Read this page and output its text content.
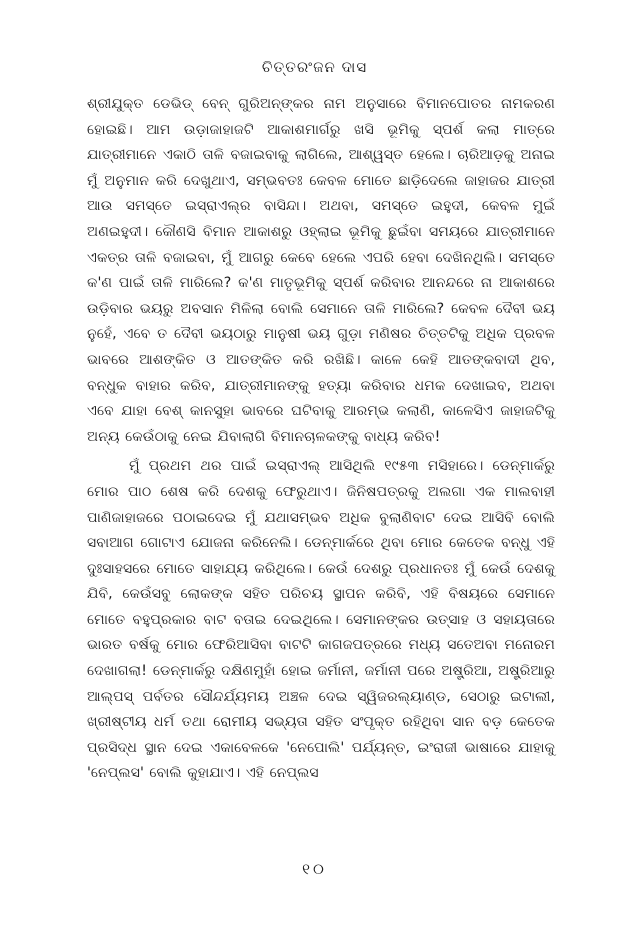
ଚିତ୍ତରଂଜନ ଦାସ

ଶ୍ରୀଯୁକ୍ତ ଡେଭିଡ୍ ବେନ୍ ଗୁରିଅନ୍‌ଙ୍କର ନାମ ଅନୁସାରେ ବିମାନପୋତର ନାମକରଣ ହୋଇଛି। ଆମ ଉଡ଼ାଜାହାଜଟି ଆକାଶମାର୍ଗରୁ ଖସି ଭୂମିକୁ ସ୍ପର୍ଶ କଲା ମାତ୍ରେ ଯାତ୍ରୀମାନେ ଏକାଠି ତାଳି ବଜାଇବାକୁ ଲାଗିଲେ, ଆଶ୍ୱସ୍ତ ହେଲେ। ଚାରିଆଡ଼କୁ ଅନାଇ ମୁଁ ଅନୁମାନ କରି ଦେଖୁଥାଏ, ସମ୍ଭବତଃ କେବଳ ମୋତେ ଛାଡ଼ିଦେଲେ ଜାହାଜର ଯାତ୍ରୀ ଆଉ ସମସ୍ତେ ଇସ୍ରାଏଲ୍‌ର ବାସିନ୍ଦା। ଅଥବା, ସମସ୍ତେ ଇହୁଦୀ, କେବଳ ମୁଇଁ ଅଣଇହୁଦୀ। କୌଣସି ବିମାନ ଆକାଶରୁ ଓହ୍ଲାଇ ଭୂମିକୁ ଛୁଇଁବା ସମୟରେ ଯାତ୍ରୀମାନେ ଏକତ୍ର ତାଳି ବଜାଇବା, ମୁଁ ଆଗରୁ କେବେ ହେଲେ ଏପରି ହେବା ଦେଖିନଥିଲି। ସମସ୍ତେ କ'ଣ ପାଇଁ ତାଳି ମାରିଲେ? କ'ଣ ମାତୃଭୂମିକୁ ସ୍ପର୍ଶ କରିବାର ଆନନ୍ଦରେ ନା ଆକାଶରେ ଉଡ଼ିବାର ଭୟରୁ ଅବସାନ ମିଳିଲା ବୋଲି ସେମାନେ ତାଳି ମାରିଲେ? କେବଳ ଦୈବୀ ଭୟ ନୁହେଁ, ଏବେ ତ ଦୈବୀ ଭୟଠାରୁ ମାନୁଷୀ ଭୟ ଗୁଡ଼ା ମଣିଷର ଚିତ୍ତଟିକୁ ଅଧିକ ପ୍ରବଳ ଭାବରେ ଆଶଙ୍କିତ ଓ ଆତଙ୍କିତ କରି ରଖିଛି। କାଳେ କେହି ଆତଙ୍କବାଦୀ ଥିବ, ବନ୍ଧୁକ ବାହାର କରିବ, ଯାତ୍ରୀମାନଙ୍କୁ ହତ୍ୟା କରିବାର ଧମକ ଦେଖାଇବ, ଅଥବା ଏବେ ଯାହା ବେଶ୍ କାନସୁହା ଭାବରେ ଘଟିବାକୁ ଆରମ୍ଭ କଲାଣି, କାଳେସିଏ ଜାହାଜଟିକୁ ଅନ୍ୟ କେଉଁଠାକୁ ନେଇ ଯିବାଲାଗି ବିମାନଚାଳକଙ୍କୁ ବାଧ୍ୟ କରିବ!

ମୁଁ ପ୍ରଥମ ଥର ପାଇଁ ଇସ୍ରାଏଲ୍ ଆସିଥିଲି ୧୯୫୩ ମସିହାରେ। ଡେନ୍‌ମାର୍କରୁ ମୋର ପାଠ ଶେଷ କରି ଦେଶକୁ ଫେରୁଥାଏ। ଜିନିଷପତ୍ରକୁ ଅଲଗା ଏକ ମାଲବାହୀ ପାଣିଜାହାଜରେ ପଠାଇଦେଇ ମୁଁ ଯଥାସମ୍ଭବ ଅଧିକ ବୁଲାଣିବାଟ ଦେଇ ଆସିବି ବୋଲି ସବାଆଗ ଗୋଟାଏ ଯୋଜନା କରିନେଲି। ଡେନ୍‌ମାର୍କରେ ଥିବା ମୋର କେତେକ ବନ୍ଧୁ ଏହି ଦୁଃସାହସରେ ମୋତେ ସାହାଯ୍ୟ କରିଥିଲେ। କେଉଁ ଦେଶରୁ ପ୍ରଧାନତଃ ମୁଁ କେଉଁ ଦେଶକୁ ଯିବି, କେଉଁସବୁ ଲୋକଙ୍କ ସହିତ ପରିଚୟ ସ୍ଥାପନ କରିବି, ଏହି ବିଷୟରେ ସେମାନେ ମୋତେ ବହୁପ୍ରକାର ବାଟ ବତାଇ ଦେଇଥିଲେ। ସେମାନଙ୍କର ଉତ୍ସାହ ଓ ସହାୟତାରେ ଭାରତ ବର୍ଷକୁ ମୋର ଫେରିଆସିବା ବାଟଟି କାଗଜପତ୍ରରେ ମଧ୍ୟ ସତେଅବା ମନୋରମ ଦେଖାଗଲା! ଡେନ୍‌ମାର୍କରୁ ଦକ୍ଷିଣମୁହାଁ ହୋଇ ଜର୍ମାନୀ, ଜର୍ମାନୀ ପରେ ଅଷ୍ଟ୍ରିଆ, ଅଷ୍ଟ୍ରିଆରୁ ଆଲ୍‌ପସ୍ ପର୍ବତର ସୌନ୍ଦର୍ଯ୍ୟମୟ ଅଞ୍ଚଳ ଦେଇ ସ୍ୱିଜରଲ୍ୟାଣ୍ଡ, ସେଠାରୁ ଇଟାଲୀ, ଖ୍ରୀଷ୍ଟୀୟ ଧର୍ମ ତଥା ରୋମୀୟ ସଭ୍ୟତା ସହିତ ସଂପୃକ୍ତ ରହିଥିବା ସାନ ବଡ଼ କେତେକ ପ୍ରସିଦ୍ଧ ସ୍ଥାନ ଦେଇ ଏକାବେଳକେ 'ନେପୋଲି' ପର୍ଯ୍ୟନ୍ତ, ଇଂରାଜୀ ଭାଷାରେ ଯାହାକୁ 'ନେପ୍‌ଲସ' ବୋଲି କୁହାଯାଏ। ଏହି ନେପ୍‌ଲସ

୧୦
